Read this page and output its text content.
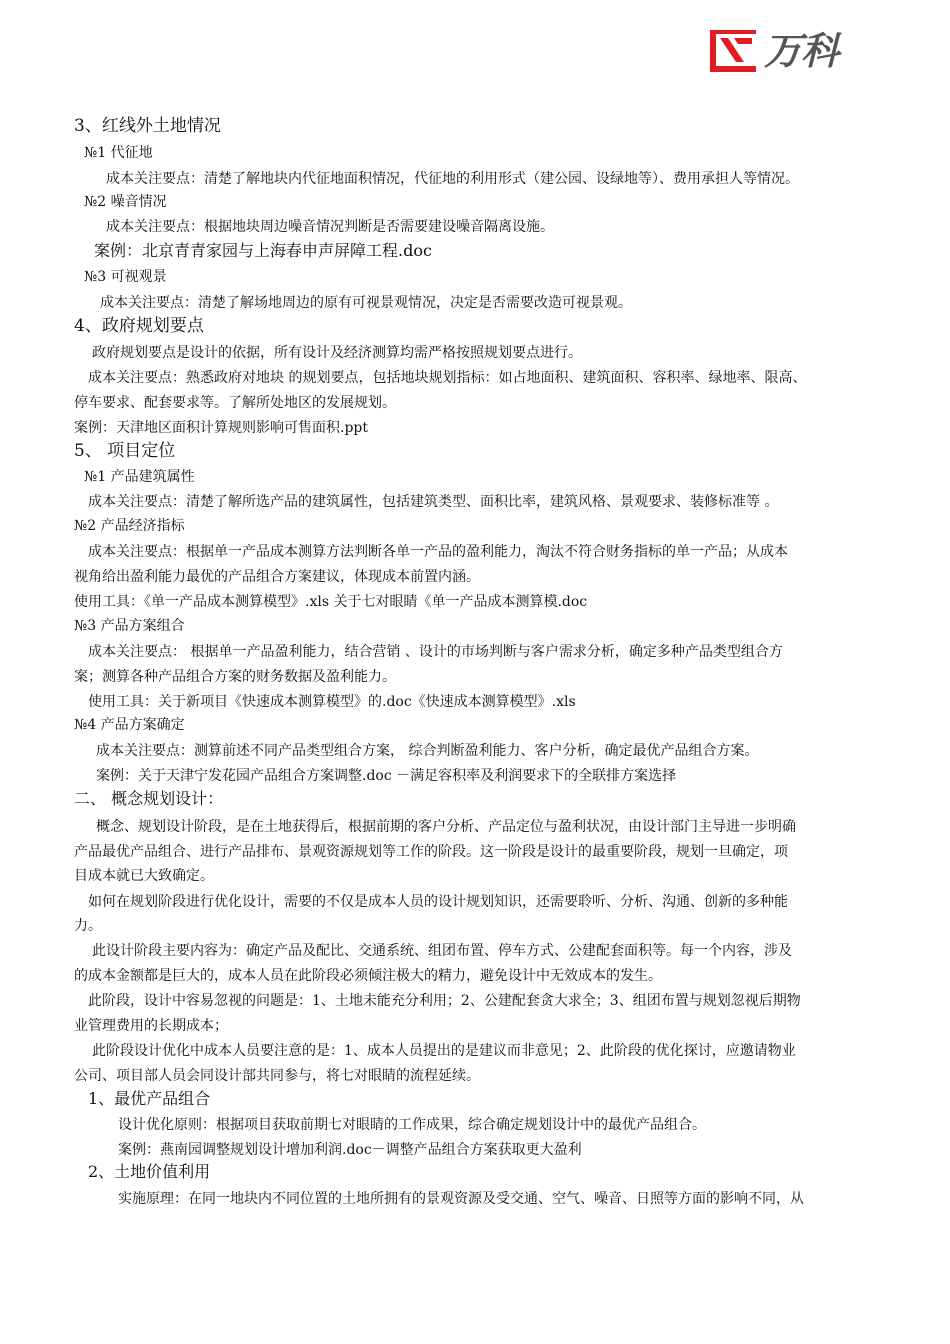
万科
3、红线外土地情况
№1 代征地
成本关注要点：清楚了解地块内代征地面积情况，代征地的利用形式（建公园、设绿地等）、费用承担人等情况。
№2 噪音情况
成本关注要点：根据地块周边噪音情况判断是否需要建设噪音隔离设施。
案例：北京青青家园与上海春申声屏障工程.doc
№3 可视观景
成本关注要点：清楚了解场地周边的原有可视景观情况，决定是否需要改造可视景观。
4、政府规划要点
政府规划要点是设计的依据，所有设计及经济测算均需严格按照规划要点进行。
成本关注要点：熟悉政府对地块 的规划要点，包括地块规划指标：如占地面积、建筑面积、容积率、绿地率、限高、
停车要求、配套要求等。了解所处地区的发展规划。
案例：天津地区面积计算规则影响可售面积.ppt
5、 项目定位
№1 产品建筑属性
成本关注要点：清楚了解所选产品的建筑属性，包括建筑类型、面积比率，建筑风格、景观要求、装修标准等 。
№2 产品经济指标
成本关注要点：根据单一产品成本测算方法判断各单一产品的盈利能力，淘汰不符合财务指标的单一产品；从成本
视角给出盈利能力最优的产品组合方案建议，体现成本前置内涵。
使用工具：《单一产品成本测算模型》.xls 关于七对眼睛《单一产品成本测算模.doc
№3 产品方案组合
成本关注要点： 根据单一产品盈利能力，结合营销 、设计的市场判断与客户需求分析，确定多种产品类型组合方
案；测算各种产品组合方案的财务数据及盈利能力。
使用工具：关于新项目《快速成本测算模型》的.doc《快速成本测算模型》.xls
№4 产品方案确定
成本关注要点：测算前述不同产品类型组合方案， 综合判断盈利能力、客户分析，确定最优产品组合方案。
案例：关于天津宁发花园产品组合方案调整.doc －满足容积率及利润要求下的全联排方案选择
二、 概念规划设计：
概念、规划设计阶段，是在土地获得后，根据前期的客户分析、产品定位与盈利状况，由设计部门主导进一步明确
产品最优产品组合、进行产品排布、景观资源规划等工作的阶段。这一阶段是设计的最重要阶段，规划一旦确定，项
目成本就已大致确定。
如何在规划阶段进行优化设计，需要的不仅是成本人员的设计规划知识，还需要聆听、分析、沟通、创新的多种能
力。
此设计阶段主要内容为：确定产品及配比、交通系统、组团布置、停车方式、公建配套面积等。每一个内容，涉及
的成本金额都是巨大的，成本人员在此阶段必须倾注极大的精力，避免设计中无效成本的发生。
此阶段，设计中容易忽视的问题是：1、土地未能充分利用；2、公建配套贪大求全；3、组团布置与规划忽视后期物
业管理费用的长期成本；
此阶段设计优化中成本人员要注意的是：1、成本人员提出的是建议而非意见；2、此阶段的优化探讨，应邀请物业
公司、项目部人员会同设计部共同参与，将七对眼睛的流程延续。
1、最优产品组合
设计优化原则：根据项目获取前期七对眼睛的工作成果，综合确定规划设计中的最优产品组合。
案例：燕南园调整规划设计增加利润.doc－调整产品组合方案获取更大盈利
2、土地价值利用
实施原理：在同一地块内不同位置的土地所拥有的景观资源及受交通、空气、噪音、日照等方面的影响不同，从
